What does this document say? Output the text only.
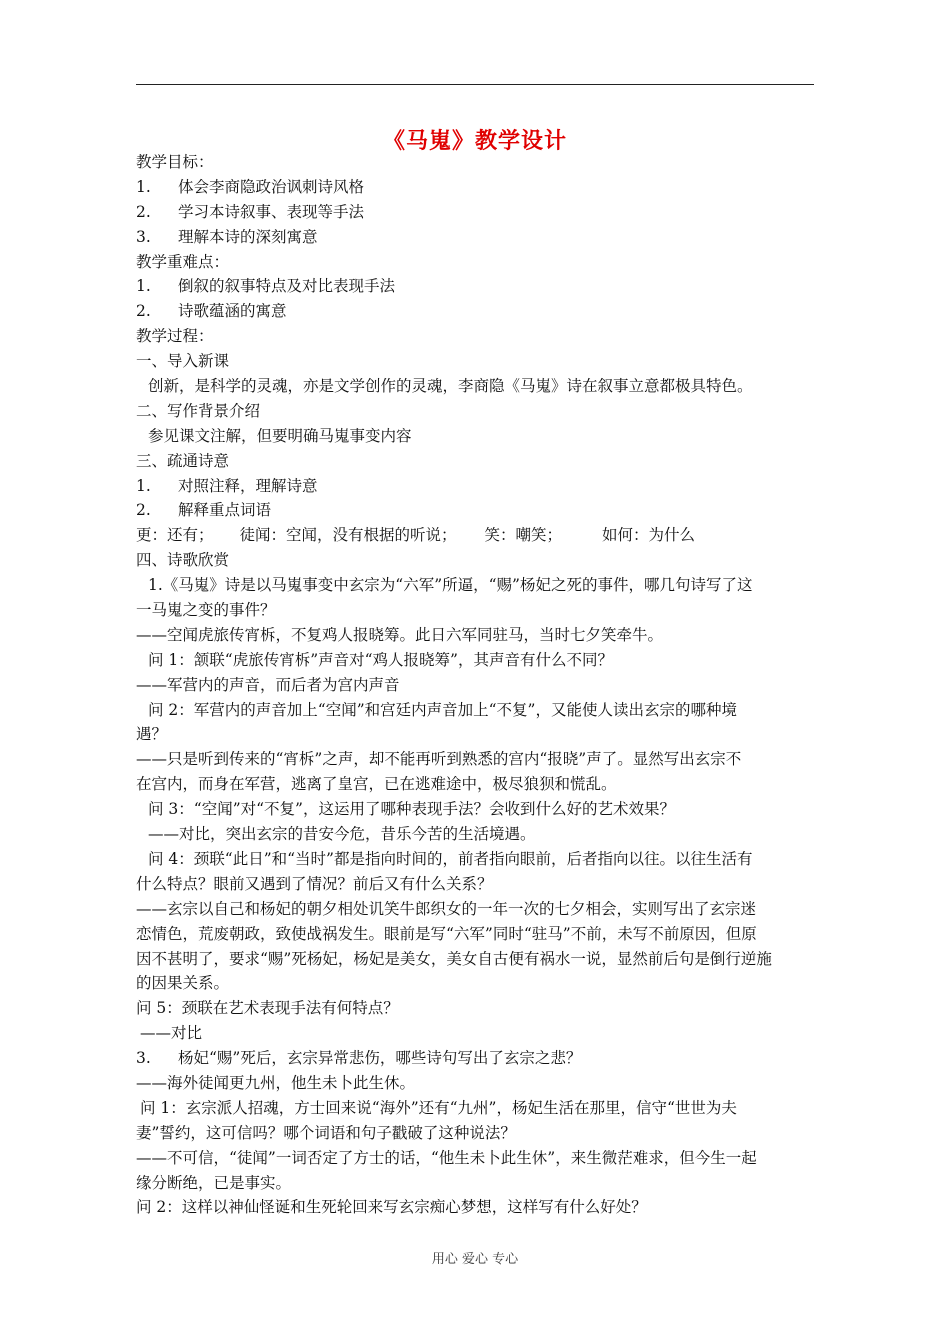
《马嵬》教学设计
教学目标：
1. 体会李商隐政治讽刺诗风格
2. 学习本诗叙事、表现等手法
3. 理解本诗的深刻寓意
教学重难点：
1. 倒叙的叙事特点及对比表现手法
2. 诗歌蕴涵的寓意
教学过程：
一、导入新课
创新，是科学的灵魂，亦是文学创作的灵魂，李商隐《马嵬》诗在叙事立意都极具特色。
二、写作背景介绍
参见课文注解，但要明确马嵬事变内容
三、疏通诗意
1. 对照注释，理解诗意
2. 解释重点词语
更：还有； 徒闻：空闻，没有根据的听说； 笑：嘲笑；	如何：为什么
四、诗歌欣赏
1.《马嵬》诗是以马嵬事变中玄宗为“六军”所逼，“赐”杨妃之死的事件，哪几句诗写了这
一马嵬之变的事件？
——空闻虎旅传宵柝，不复鸡人报晓筹。此日六军同驻马，当时七夕笑牵牛。
问 1：颔联“虎旅传宵柝”声音对“鸡人报晓筹”，其声音有什么不同？
——军营内的声音，而后者为宫内声音
问 2：军营内的声音加上“空闻”和宫廷内声音加上“不复”，又能使人读出玄宗的哪种境
遇？
——只是听到传来的“宵柝”之声，却不能再听到熟悉的宫内“报晓”声了。显然写出玄宗不
在宫内，而身在军营，逃离了皇宫，已在逃难途中，极尽狼狈和慌乱。
问 3：“空闻”对“不复”，这运用了哪种表现手法？会收到什么好的艺术效果？
——对比，突出玄宗的昔安今危，昔乐今苦的生活境遇。
问 4：颈联“此日”和“当时”都是指向时间的，前者指向眼前，后者指向以往。以往生活有
什么特点？眼前又遇到了情况？前后又有什么关系？
——玄宗以自己和杨妃的朝夕相处讥笑牛郎织女的一年一次的七夕相会，实则写出了玄宗迷
恋情色，荒废朝政，致使战祸发生。眼前是写“六军”同时“驻马”不前，未写不前原因，但原
因不甚明了，要求“赐”死杨妃，杨妃是美女，美女自古便有祸水一说，显然前后句是倒行逆施
的因果关系。
问 5：颈联在艺术表现手法有何特点？
——对比
3. 杨妃“赐”死后，玄宗异常悲伤，哪些诗句写出了玄宗之悲？
——海外徒闻更九州，他生未卜此生休。
问 1：玄宗派人招魂，方士回来说“海外”还有“九州”，杨妃生活在那里，信守“世世为夫
妻”誓约，这可信吗？哪个词语和句子戳破了这种说法？
——不可信，“徒闻”一词否定了方士的话，“他生未卜此生休”，来生微茫难求，但今生一起
缘分断绝，已是事实。
问 2：这样以神仙怪诞和生死轮回来写玄宗痴心梦想，这样写有什么好处？
用心 爱心 专心
